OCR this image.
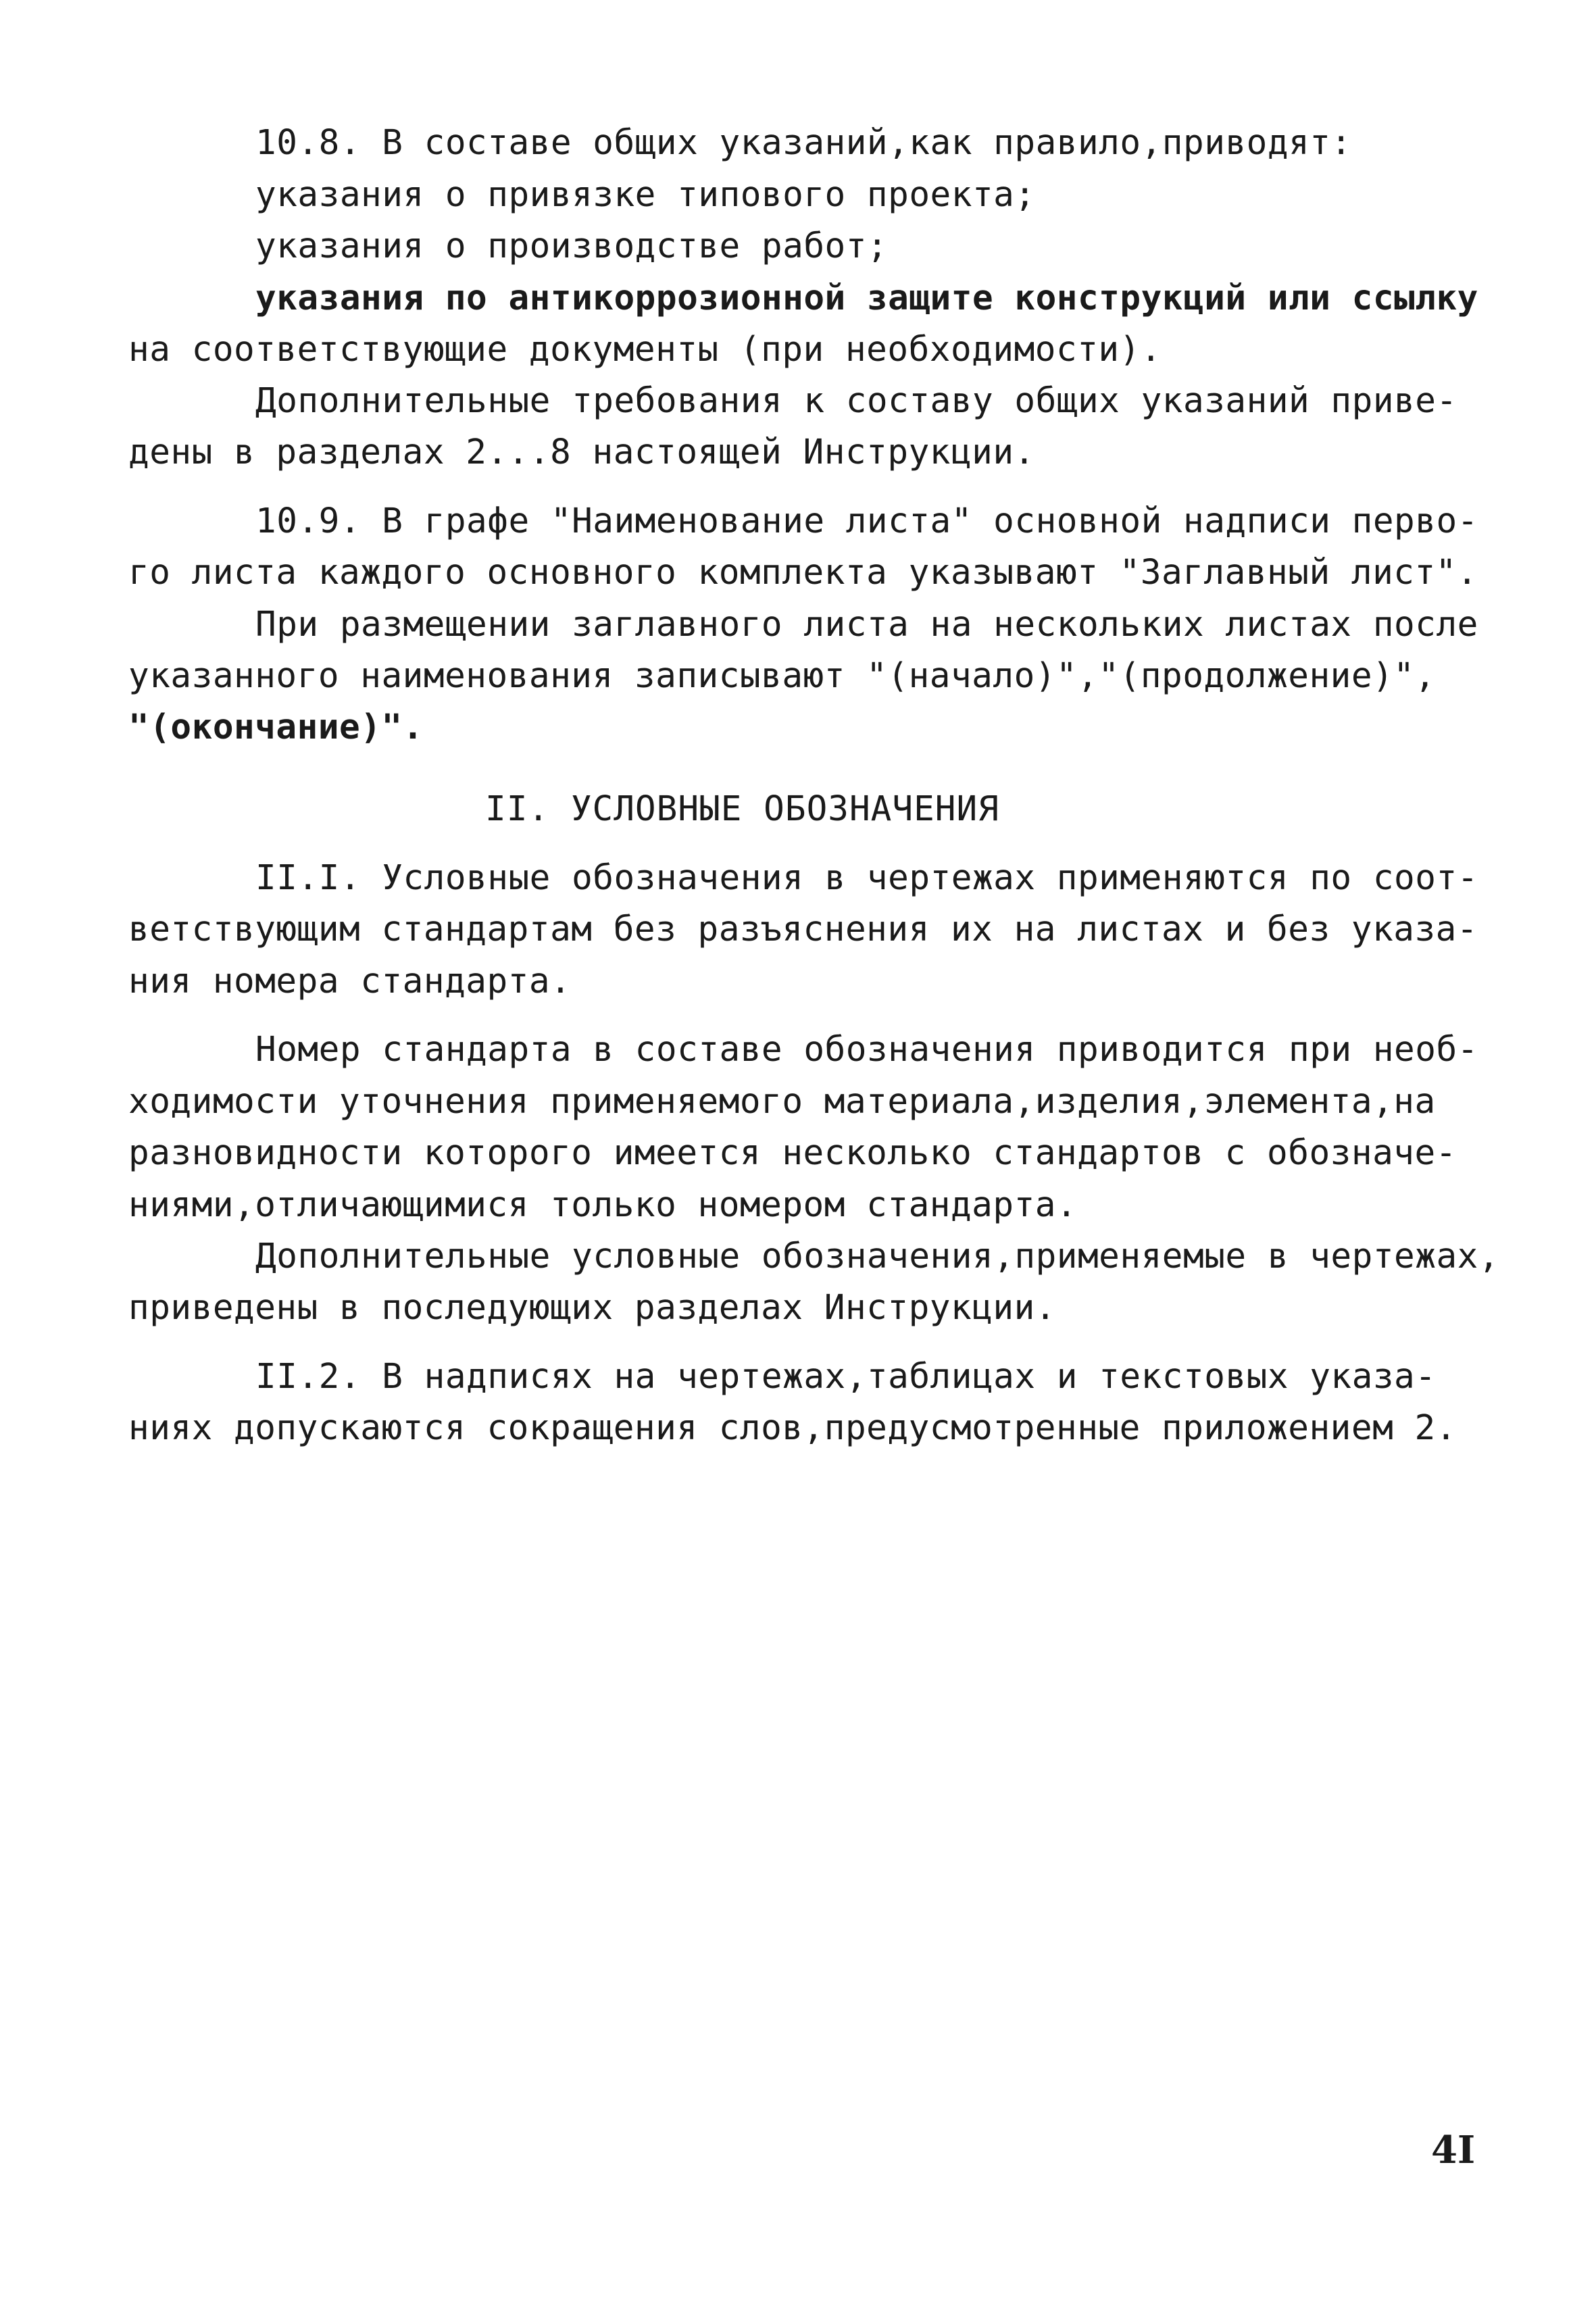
10.8. В составе общих указаний,как правило,приводят:
указания о привязке типового проекта;
указания о производстве работ;
указания по антикоррозионной защите конструкций или ссылку
на соответствующие документы (при необходимости).
Дополнительные требования к составу общих указаний приве-
дены в разделах 2...8 настоящей Инструкции.
10.9. В графе "Наименование листа" основной надписи перво-
го листа каждого основного комплекта указывают "Заглавный лист".
При размещении заглавного листа на нескольких листах после
указанного наименования записывают "(начало)","(продолжение)",
"(окончание)".
II. УСЛОВНЫЕ ОБОЗНАЧЕНИЯ
II.I. Условные обозначения в чертежах применяются по соот-
ветствующим стандартам без разъяснения их на листах и без указа-
ния номера стандарта.
Номер стандарта в составе обозначения приводится при необ-
ходимости уточнения применяемого материала,изделия,элемента,на
разновидности которого имеется несколько стандартов с обозначе-
ниями,отличающимися только номером стандарта.
Дополнительные условные обозначения,применяемые в чертежах,
приведены в последующих разделах Инструкции.
II.2. В надписях на чертежах,таблицах и текстовых указа-
ниях допускаются сокращения слов,предусмотренные приложением 2.
4I
